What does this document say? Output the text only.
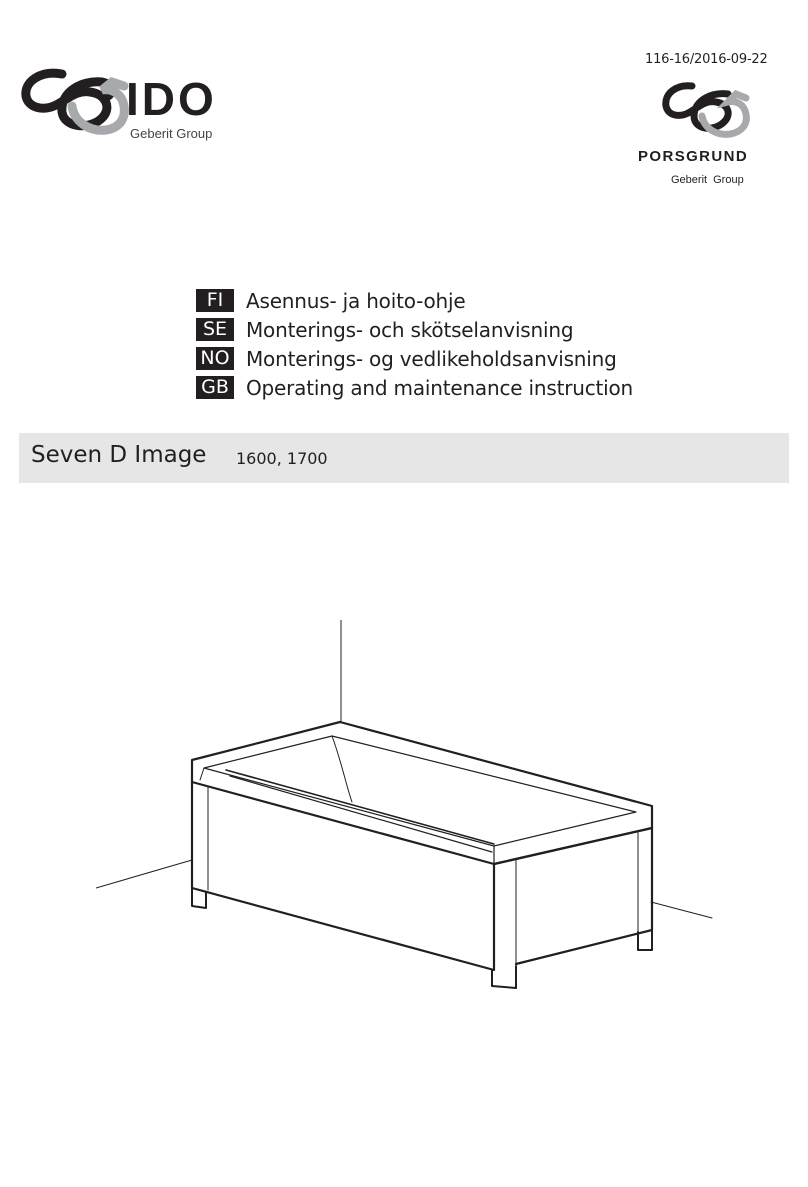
116-16/2016-09-22
IDO
Geberit Group
PORSGRUND
Geberit Group
FI	Asennus- ja hoito-ohje
SE Monterings- och skötselanvisning
NO Monterings- og vedlikeholdsanvisning
GB Operating and maintenance instruction
Seven D Image 1600, 1700
